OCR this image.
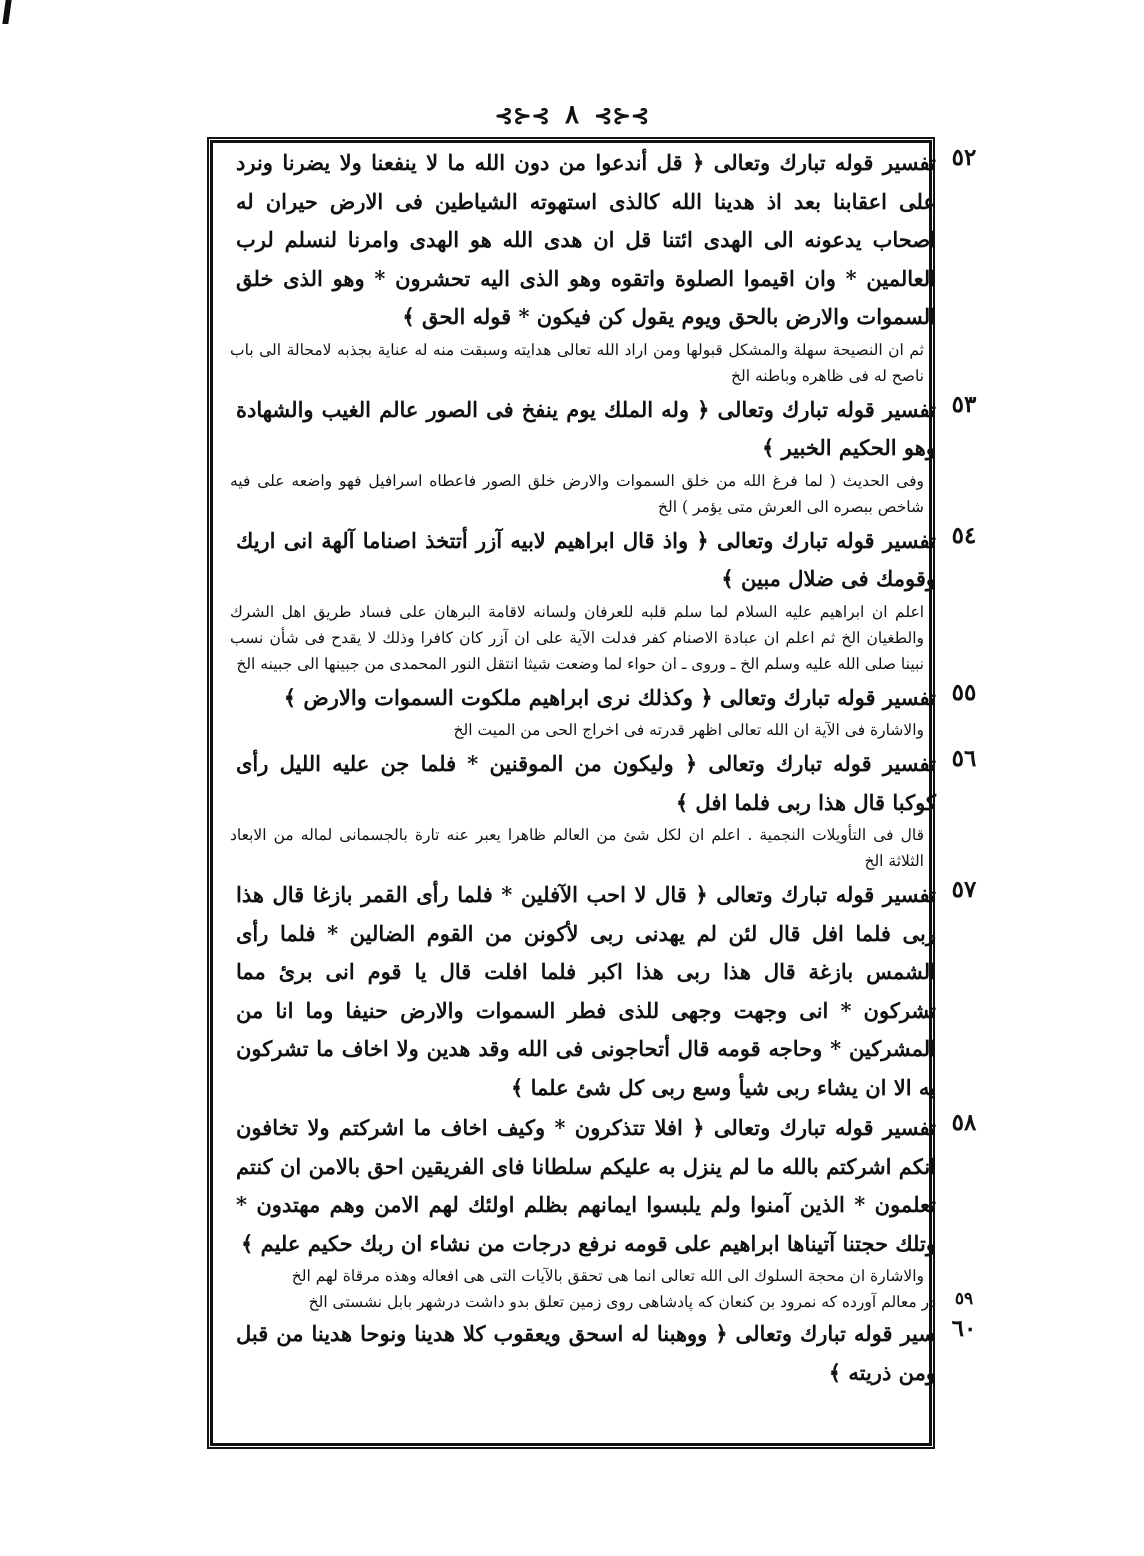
⊰⊱⊰ ٨ ⊰⊱⊰
٥٢
تفسير قوله تبارك وتعالى ﴿ قل أندعوا من دون الله ما لا ينفعنا ولا يضرنا ونرد على اعقابنا بعد اذ هدينا الله كالذى استهوته الشياطين فى الارض حيران له اصحاب يدعونه الى الهدى ائتنا قل ان هدى الله هو الهدى وامرنا لنسلم لرب العالمين * وان اقيموا الصلوة واتقوه وهو الذى اليه تحشرون * وهو الذى خلق السموات والارض بالحق ويوم يقول كن فيكون * قوله الحق ﴾
ثم ان النصيحة سهلة والمشكل قبولها ومن اراد الله تعالى هدايته وسبقت منه له عناية بجذبه لامحالة الى باب ناصح له فى ظاهره وباطنه الخ
٥٣
تفسير قوله تبارك وتعالى ﴿ وله الملك يوم ينفخ فى الصور عالم الغيب والشهادة وهو الحكيم الخبير ﴾
وفى الحديث ( لما فرغ الله من خلق السموات والارض خلق الصور فاعطاه اسرافيل فهو واضعه على فيه شاخص ببصره الى العرش متى يؤمر ) الخ
٥٤
تفسير قوله تبارك وتعالى ﴿ واذ قال ابراهيم لابيه آزر أتتخذ اصناما آلهة انى اريك وقومك فى ضلال مبين ﴾
اعلم ان ابراهيم عليه السلام لما سلم قلبه للعرفان ولسانه لاقامة البرهان على فساد طريق اهل الشرك والطغيان الخ ثم اعلم ان عبادة الاصنام كفر فدلت الآية على ان آزر كان كافرا وذلك لا يقدح فى شأن نسب نبينا صلى الله عليه وسلم الخ ـ وروى ـ ان حواء لما وضعت شيثا انتقل النور المحمدى من جبينها الى جبينه الخ
٥٥
تفسير قوله تبارك وتعالى ﴿ وكذلك نرى ابراهيم ملكوت السموات والارض ﴾
والاشارة فى الآية ان الله تعالى اظهر قدرته فى اخراج الحى من الميت الخ
٥٦
تفسير قوله تبارك وتعالى ﴿ وليكون من الموقنين * فلما جن عليه الليل رأى كوكبا قال هذا ربى فلما افل ﴾
قال فى التأويلات النجمية . اعلم ان لكل شئ من العالم ظاهرا يعبر عنه تارة بالجسمانى لماله من الابعاد الثلاثة الخ
٥٧
تفسير قوله تبارك وتعالى ﴿ قال لا احب الآفلين * فلما رأى القمر بازغا قال هذا ربى فلما افل قال لئن لم يهدنى ربى لأكونن من القوم الضالين * فلما رأى الشمس بازغة قال هذا ربى هذا اكبر فلما افلت قال يا قوم انى برئ مما تشركون * انى وجهت وجهى للذى فطر السموات والارض حنيفا وما انا من المشركين * وحاجه قومه قال أتحاجونى فى الله وقد هدين ولا اخاف ما تشركون به الا ان يشاء ربى شيأ وسع ربى كل شئ علما ﴾
٥٨
تفسير قوله تبارك وتعالى ﴿ افلا تتذكرون * وكيف اخاف ما اشركتم ولا تخافون انكم اشركتم بالله ما لم ينزل به عليكم سلطانا فاى الفريقين احق بالامن ان كنتم تعلمون * الذين آمنوا ولم يلبسوا ايمانهم بظلم اولئك لهم الامن وهم مهتدون * وتلك حجتنا آتيناها ابراهيم على قومه نرفع درجات من نشاء ان ربك حكيم عليم ﴾
والاشارة ان محجة السلوك الى الله تعالى انما هى تحقق بالآيات التى هى افعاله وهذه مرقاة لهم الخ
٥٩
در معالم آورده كه نمرود بن كنعان كه پادشاهى روى زمين تعلق بدو داشت درشهر بابل نشستى الخ
٦٠
سير قوله تبارك وتعالى ﴿ ووهبنا له اسحق ويعقوب كلا هدينا ونوحا هدينا من قبل ومن ذريته ﴾
